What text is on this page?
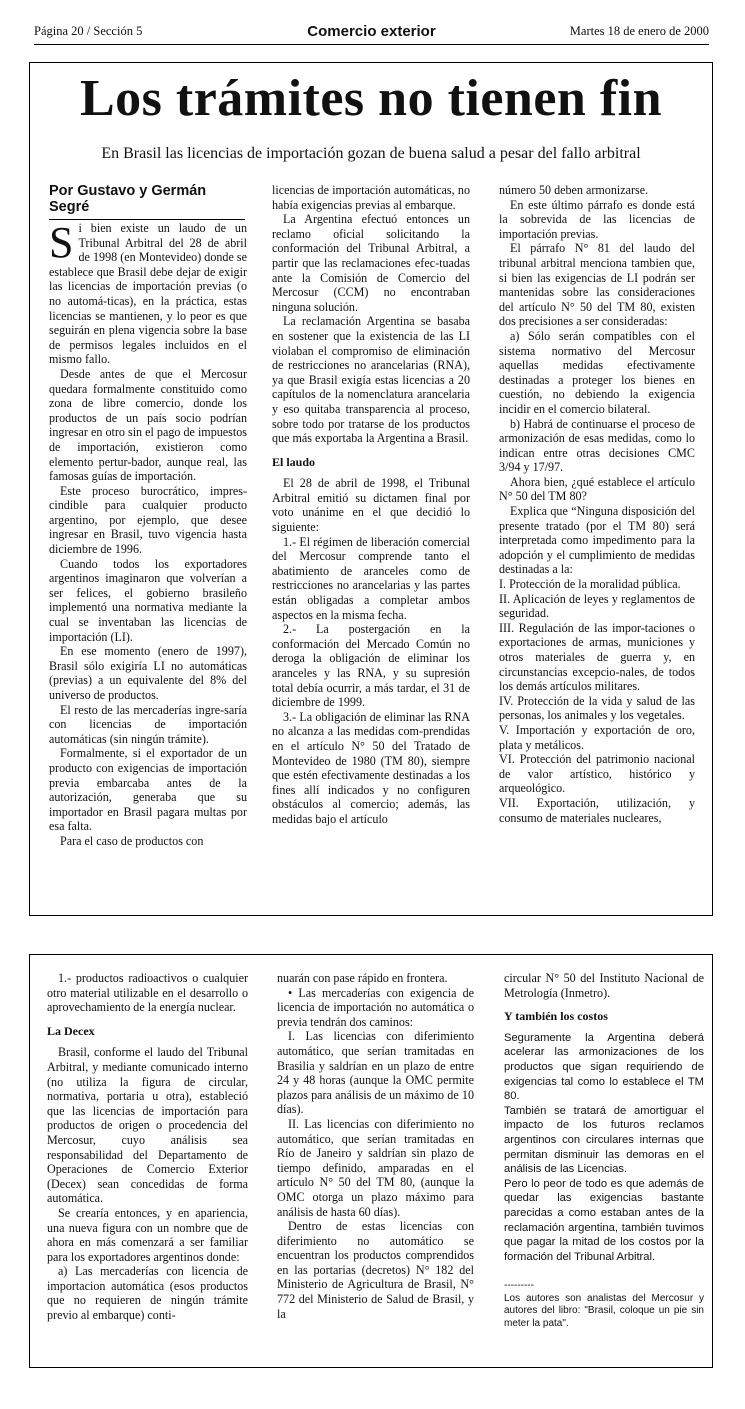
Página 20 / Sección 5	Comercio exterior	Martes 18 de enero de 2000
Los trámites no tienen fin
En Brasil las licencias de importación gozan de buena salud a pesar del fallo arbitral
Por Gustavo y Germán Segré

Si bien existe un laudo de un Tribunal Arbitral del 28 de abril de 1998 (en Montevideo) donde se establece que Brasil debe dejar de exigir las licencias de importación previas (o no automá-ticas), en la práctica, estas licencias se mantienen, y lo peor es que seguirán en plena vigencia sobre la base de permisos legales incluidos en el mismo fallo.

Desde antes de que el Mercosur quedara formalmente constituido como zona de libre comercio, donde los productos de un país socio podrían ingresar en otro sin el pago de impuestos de importación, existieron como elemento pertur-bador, aunque real, las famosas guías de importación.

Este proceso burocrático, impres-cindible para cualquier producto argentino, por ejemplo, que desee ingresar en Brasil, tuvo vigencia hasta diciembre de 1996.

Cuando todos los exportadores argentinos imaginaron que volverían a ser felices, el gobierno brasileño implementó una normativa mediante la cual se inventaban las licencias de importación (LI).

En ese momento (enero de 1997), Brasil sólo exigiría LI no automáticas (previas) a un equivalente del 8% del universo de productos.

El resto de las mercaderías ingre-saría con licencias de importación automáticas (sin ningún trámite).

Formalmente, si el exportador de un producto con exigencias de importación previa embarcaba antes de la autorización, generaba que su importador en Brasil pagara multas por esa falta.

Para el caso de productos con

licencias de importación automáticas, no había exigencias previas al embarque.

La Argentina efectuó entonces un reclamo oficial solicitando la conformación del Tribunal Arbitral, a partir que las reclamaciones efec-tuadas ante la Comisión de Comercio del Mercosur (CCM) no encontraban ninguna solución.

La reclamación Argentina se basaba en sostener que la existencia de las LI violaban el compromiso de eliminación de restricciones no arancelarias (RNA), ya que Brasil exigía estas licencias a 20 capítulos de la nomenclatura arancelaria y eso quitaba transparencia al proceso, sobre todo por tratarse de los productos que más exportaba la Argentina a Brasil.

El laudo

El 28 de abril de 1998, el Tribunal Arbitral emitió su dictamen final por voto unánime en el que decidió lo siguiente:

1.- El régimen de liberación comercial del Mercosur comprende tanto el abatimiento de aranceles como de restricciones no arancelarias y las partes están obligadas a completar ambos aspectos en la misma fecha.

2.- La postergación en la conformación del Mercado Común no deroga la obligación de eliminar los aranceles y las RNA, y su supresión total debía ocurrir, a más tardar, el 31 de diciembre de 1999.

3.- La obligación de eliminar las RNA no alcanza a las medidas com-prendidas en el artículo N° 50 del Tratado de Montevideo de 1980 (TM 80), siempre que estén efectivamente destinadas a los fines allí indicados y no configuren obstáculos al comercio; además, las medidas bajo el artículo

número 50 deben armonizarse.

En este último párrafo es donde está la sobrevida de las licencias de importación previas.

El párrafo N° 81 del laudo del tribunal arbitral menciona tambien que, si bien las exigencias de LI podrán ser mantenidas sobre las consideraciones del artículo N° 50 del TM 80, existen dos precisiones a ser consideradas:

a) Sólo serán compatibles con el sistema normativo del Mercosur aquellas medidas efectivamente destinadas a proteger los bienes en cuestión, no debiendo la exigencia incidir en el comercio bilateral.

b) Habrá de continuarse el proceso de armonización de esas medidas, como lo indican entre otras decisiones CMC 3/94 y 17/97.

Ahora bien, ¿qué establece el artículo N° 50 del TM 80?

Explica que “Ninguna disposición del presente tratado (por el TM 80) será interpretada como impedimento para la adopción y el cumplimiento de medidas destinadas a la:

I. Protección de la moralidad pública.

II. Aplicación de leyes y reglamentos de seguridad.

III. Regulación de las impor-taciones o exportaciones de armas, municiones y otros materiales de guerra y, en circunstancias excepcio-nales, de todos los demás artículos militares.

IV. Protección de la vida y salud de las personas, los animales y los vegetales.

V. Importación y exportación de oro, plata y metálicos.

VI. Protección del patrimonio nacional de valor artístico, histórico y arqueológico.

VII. Exportación, utilización, y consumo de materiales nucleares,

1.- productos radioactivos o cualquier otro material utilizable en el desarrollo o aprovechamiento de la energía nuclear.

La Decex

Brasil, conforme el laudo del Tribunal Arbitral, y mediante comunicado interno (no utiliza la figura de circular, normativa, portaria u otra), estableció que las licencias de importación para productos de origen o procedencia del Mercosur, cuyo análisis sea responsabilidad del Departamento de Operaciones de Comercio Exterior (Decex) sean concedidas de forma automática.

Se crearía entonces, y en apariencia, una nueva figura con un nombre que de ahora en más comenzará a ser familiar para los exportadores argentinos donde:

a) Las mercaderías con licencia de importacion automática (esos productos que no requieren de ningún trámite previo al embarque) conti-

nuarán con pase rápido en frontera.

• Las mercaderías con exigencia de licencia de importación no automática o previa tendrán dos caminos:

I. Las licencias con diferimiento automático, que serían tramitadas en Brasilia y saldrían en un plazo de entre 24 y 48 horas (aunque la OMC permite plazos para análisis de un máximo de 10 días).

II. Las licencias con diferimiento no automático, que serían tramitadas en Río de Janeiro y saldrían sin plazo de tiempo definido, amparadas en el artículo N° 50 del TM 80, (aunque la OMC otorga un plazo máximo para análisis de hasta 60 días).

Dentro de estas licencias con diferimiento no automático se encuentran los productos comprendidos en las portarias (decretos) N° 182 del Ministerio de Agricultura de Brasil, N° 772 del Ministerio de Salud de Brasil, y la

circular N° 50 del Instituto Nacional de Metrología (Inmetro).

Y también los costos

Seguramente la Argentina deberá acelerar las armonizaciones de los productos que sigan requiriendo de exigencias tal como lo establece el TM 80.

También se tratará de amortiguar el impacto de los futuros reclamos argentinos con circulares internas que permitan disminuir las demoras en el análisis de las Licencias.

Pero lo peor de todo es que además de quedar las exigencias bastante parecidas a como estaban antes de la reclamación argentina, también tuvimos que pagar la mitad de los costos por la formación del Tribunal Arbitral.

---------
Los autores son analistas del Mercosur y autores del libro: "Brasil, coloque un pie sin meter la pata".
